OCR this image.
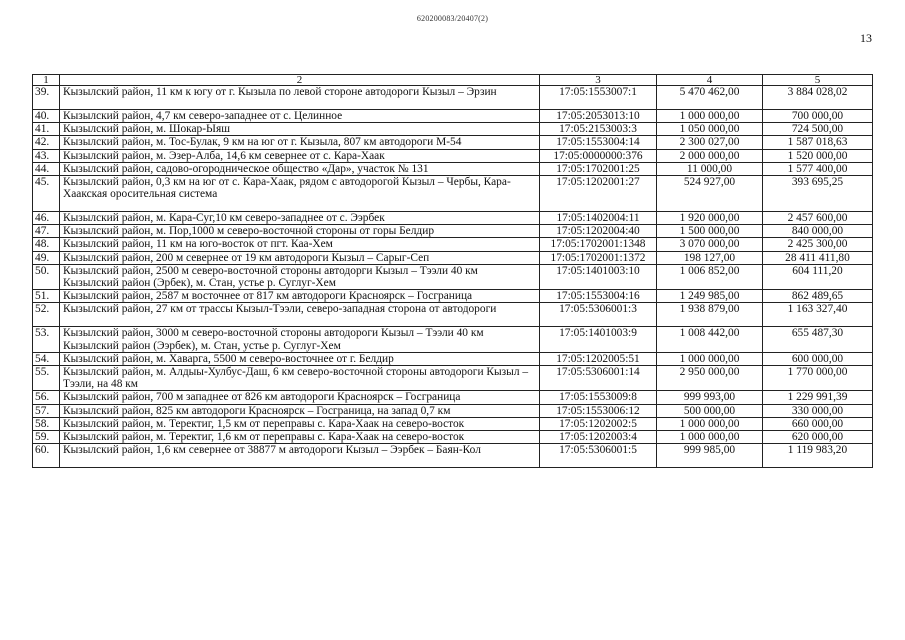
620200083/20407(2)
13
1	2	3	4	5
39.	Кызылский район, 11 км к югу от г. Кызыла по левой стороне автодороги Кызыл – Эрзин	17:05:1553007:1	5 470 462,00	3 884 028,02
40.	Кызылский район, 4,7 км северо-западнее от с. Целинное	17:05:2053013:10	1 000 000,00	700 000,00
41.	Кызылский район, м. Шокар-Ыяш	17:05:2153003:3	1 050 000,00	724 500,00
42.	Кызылский район, м. Тос-Булак, 9 км на юг от г. Кызыла, 807 км автодороги М-54	17:05:1553004:14	2 300 027,00	1 587 018,63
43.	Кызылский район, м. Эзер-Алба, 14,6 км севернее от с. Кара-Хаак	17:05:0000000:376	2 000 000,00	1 520 000,00
44.	Кызылский район, садово-огородническое общество «Дар», участок № 131	17:05:1702001:25	11 000,00	1 577 400,00
45.	Кызылский район, 0,3 км на юг от с. Кара-Хаак, рядом с автодорогой Кызыл – Чербы, Кара-Хаакская оросительная система	17:05:1202001:27	524 927,00	393 695,25
46.	Кызылский район, м. Кара-Суг,10 км северо-западнее от с. Ээрбек	17:05:1402004:11	1 920 000,00	2 457 600,00
47.	Кызылский район, м. Пор,1000 м северо-восточной стороны от горы Белдир	17:05:1202004:40	1 500 000,00	840 000,00
48.	Кызылский район, 11 км на юго-восток от пгт. Каа-Хем	17:05:1702001:1348	3 070 000,00	2 425 300,00
49.	Кызылский район, 200 м севернее от 19 км автодороги Кызыл – Сарыг-Сеп	17:05:1702001:1372	198 127,00	28 411 411,80
50.	Кызылский район, 2500 м северо-восточной стороны автодорги Кызыл – Тээли 40 км Кызылский район (Эрбек), м. Стан, устье р. Суглуг-Хем	17:05:1401003:10	1 006 852,00	604 111,20
51.	Кызылский район, 2587 м восточнее от 817 км автодороги Красноярск – Госграница	17:05:1553004:16	1 249 985,00	862 489,65
52.	Кызылский район, 27 км от трассы Кызыл-Тээли, северо-западная сторона от автодороги	17:05:5306001:3	1 938 879,00	1 163 327,40
53.	Кызылский район, 3000 м северо-восточной стороны автодороги Кызыл – Тээли 40 км Кызылский район (Ээрбек), м. Стан, устье р. Суглуг-Хем	17:05:1401003:9	1 008 442,00	655 487,30
54.	Кызылский район, м. Хаварга, 5500 м северо-восточнее от г. Белдир	17:05:1202005:51	1 000 000,00	600 000,00
55.	Кызылский район, м. Алдыы-Хулбус-Даш, 6 км северо-восточной стороны автодороги Кызыл – Тээли, на 48 км	17:05:5306001:14	2 950 000,00	1 770 000,00
56.	Кызылский район, 700 м западнее от 826 км автодороги Красноярск – Госграница	17:05:1553009:8	999 993,00	1 229 991,39
57.	Кызылский район, 825 км автодороги Красноярск – Госграница, на запад 0,7 км	17:05:1553006:12	500 000,00	330 000,00
58.	Кызылский район, м. Теректиг, 1,5 км от переправы с. Кара-Хаак на северо-восток	17:05:1202002:5	1 000 000,00	660 000,00
59.	Кызылский район, м. Теректиг, 1,6 км от переправы с. Кара-Хаак на северо-восток	17:05:1202003:4	1 000 000,00	620 000,00
60.	Кызылский район, 1,6 км севернее от 38877 м автодороги Кызыл – Ээрбек – Баян-Кол	17:05:5306001:5	999 985,00	1 119 983,20
